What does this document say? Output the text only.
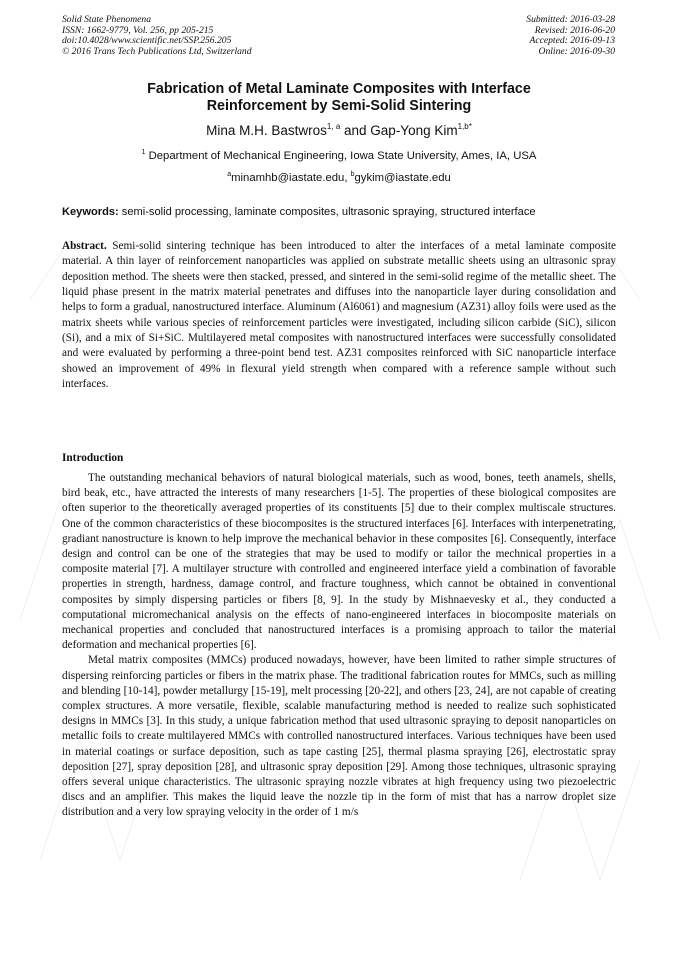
Solid State Phenomena
ISSN: 1662-9779, Vol. 256, pp 205-215
doi:10.4028/www.scientific.net/SSP.256.205
© 2016 Trans Tech Publications Ltd, Switzerland
Submitted: 2016-03-28
Revised: 2016-06-20
Accepted: 2016-09-13
Online: 2016-09-30
Fabrication of Metal Laminate Composites with Interface
Reinforcement by Semi-Solid Sintering
Mina M.H. Bastwros$^{1, a}$ and Gap-Yong Kim$^{1,b*}$
$^1$ Department of Mechanical Engineering, Iowa State University, Ames, IA, USA
$^a$minamhb@iastate.edu, $^b$gykim@iastate.edu
Keywords: semi-solid processing, laminate composites, ultrasonic spraying, structured interface
Abstract. Semi-solid sintering technique has been introduced to alter the interfaces of a metal laminate composite material. A thin layer of reinforcement nanoparticles was applied on substrate metallic sheets using an ultrasonic spray deposition method. The sheets were then stacked, pressed, and sintered in the semi-solid regime of the metallic sheet. The liquid phase present in the matrix material penetrates and diffuses into the nanoparticle layer during consolidation and helps to form a gradual, nanostructured interface. Aluminum (Al6061) and magnesium (AZ31) alloy foils were used as the matrix sheets while various species of reinforcement particles were investigated, including silicon carbide (SiC), silicon (Si), and a mix of Si+SiC. Multilayered metal composites with nanostructured interfaces were successfully consolidated and were evaluated by performing a three-point bend test. AZ31 composites reinforced with SiC nanoparticle interface showed an improvement of 49% in flexural yield strength when compared with a reference sample without such interfaces.
Introduction

The outstanding mechanical behaviors of natural biological materials, such as wood, bones, teeth anamels, shells, bird beak, etc., have attracted the interests of many researchers [1-5]. The properties of these biological composites are often superior to the theoretically averaged properties of its constituents [5] due to their complex multiscale structures. One of the common characteristics of these biocomposites is the structured interfaces [6]. Interfaces with interpenetrating, gradiant nanostructure is known to help improve the mechanical behavior in these composites [6]. Consequently, interface design and control can be one of the strategies that may be used to modify or tailor the mechnical properties in a composite material [7]. A multilayer structure with controlled and engineered interface yield a combination of favorable properties in strength, hardness, damage control, and fracture toughness, which cannot be obtained in conventional composites by simply dispersing particles or fibers [8, 9]. In the study by Mishnaevesky et al., they conducted a computational micromechanical analysis on the effects of nano-engineered interfaces in biocomposite materials on mechanical properties and concluded that nanostructured interfaces is a promising approach to tailor the material deformation and mechanical properties [6].

Metal matrix composites (MMCs) produced nowadays, however, have been limited to rather simple structures of dispersing reinforcing particles or fibers in the matrix phase. The traditional fabrication routes for MMCs, such as milling and blending [10-14], powder metallurgy [15-19], melt processing [20-22], and others [23, 24], are not capable of creating complex structures. A more versatile, flexible, scalable manufacturing method is needed to realize such sophisticated designs in MMCs [3]. In this study, a unique fabrication method that used ultrasonic spraying to deposit nanoparticles on metallic foils to create multilayered MMCs with controlled nanostructured interfaces. Various techniques have been used in material coatings or surface deposition, such as tape casting [25], thermal plasma spraying [26], electrostatic spray deposition [27], spray deposition [28], and ultrasonic spray deposition [29]. Among those techniques, ultrasonic spraying offers several unique characteristics. The ultrasonic spraying nozzle vibrates at high frequency using two piezoelectric discs and an amplifier. This makes the liquid leave the nozzle tip in the form of mist that has a narrow droplet size distribution and a very low spraying velocity in the order of 1 m/s
